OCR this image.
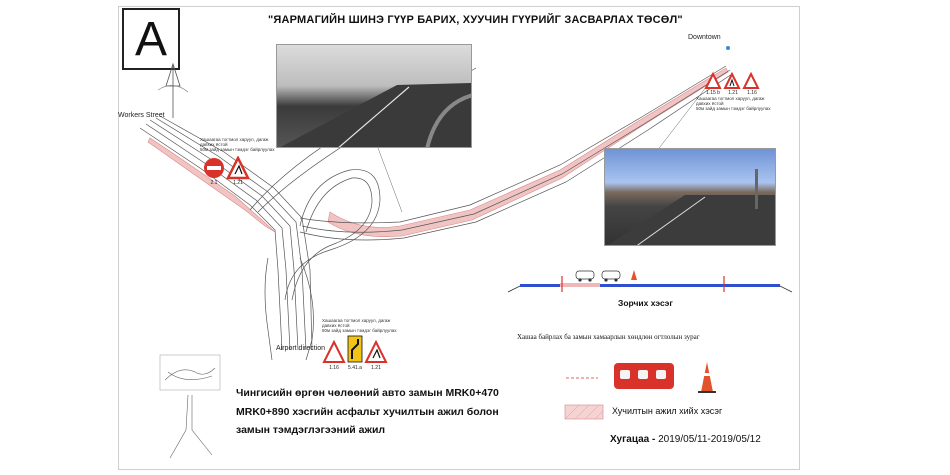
A	"ЯАРМАГИЙН ШИНЭ ГҮҮР БАРИХ, ХУУЧИН ГҮҮРИЙГ ЗАСВАРЛАХ ТӨСӨЛ"
Downtown
Workers Street
Airport direction
Хашаагаа тогтмол харуул, дагаж давхих ёстой
50м зайд замын тэмдэг байрлуулах
Хашаагаа тогтмол харуул, дагаж давхих ёстой
50м зайд замын тэмдэг байрлуулах
Хашаагаа тогтмол харуул, дагаж давхих ёстой
80м зайд замын тэмдэг байрлуулах
2.1	1.21
1.15 b	1.21	1.16
1.16	5.41.a	1.21
Зорчих хэсэг
Хашаа байрлах ба замын хамаарлын хөндлөн огтлолын зураг
Хучилтын ажил хийх хэсэг
Чингисийн өргөн чөлөөний авто замын MRK0+470
MRK0+890 хэсгийн асфальт хучилтын ажил болон
замын тэмдэглэгээний ажил
Хугацаа - 2019/05/11-2019/05/12
